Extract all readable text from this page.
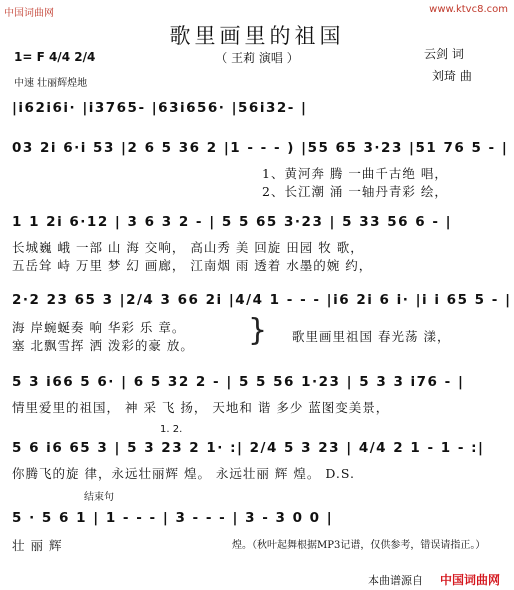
中国词曲网	www.ktvc8.com
歌里画里的祖国
（ 王莉 演唱 ）
1= F 4/4 2/4
中速 壮丽辉煌地
云剑 词
刘琦 曲
|i62i6i· |i3765- |63i656· |56i32- |
03 2i 6·i 53 |2 6 5 36 2 |1 - - - ) |55 65 3·23 |51 76 5 - |
1、黄河奔 腾 一曲千古绝 唱，
2、长江潮 涌 一轴丹青彩 绘，
1 1 2i 6·12 | 3 6 3 2 - | 5 5 65 3·23 | 5 33 56 6 - |
长城巍 峨 一部 山 海 交响， 高山秀 美 回旋 田园 牧 歌，
五岳耸 峙 万里 梦 幻 画廊， 江南烟 雨 透着 水墨的婉 约，
2·2 23 65 3 |2/4 3 66 2i |4/4 1 - - - |i6 2i 6 i· |i i 65 5 - |
海 岸蜿蜒奏 响 华彩 乐 章。
塞 北飘雪挥 洒 泼彩的豪 放。 } 歌里画里祖国 春光荡 漾，
5 3 i66 5 6· | 6 5 32 2 - | 5 5 56 1·23 | 5 3 3 i76 - |
情里爱里的祖国， 神 采 飞 扬， 天地和 谐 多少 蓝图变美景，
1. 2.
5 6 i6 65 3 | 5 3 23 2 1· :| 2/4 5 3 23 | 4/4 2 1 - 1 - :|
你腾飞的旋 律，永远壮丽辉 煌。 永远壮丽 辉 煌。 D.S.
结束句
5 · 5 6 1 | 1 - - - | 3 - - - | 3 - 3 0 0 |
壮 丽 辉	煌。（秋叶起舞根据MP3记谱，仅供参考，错误请指正。）
本曲谱源自 中国词曲网
